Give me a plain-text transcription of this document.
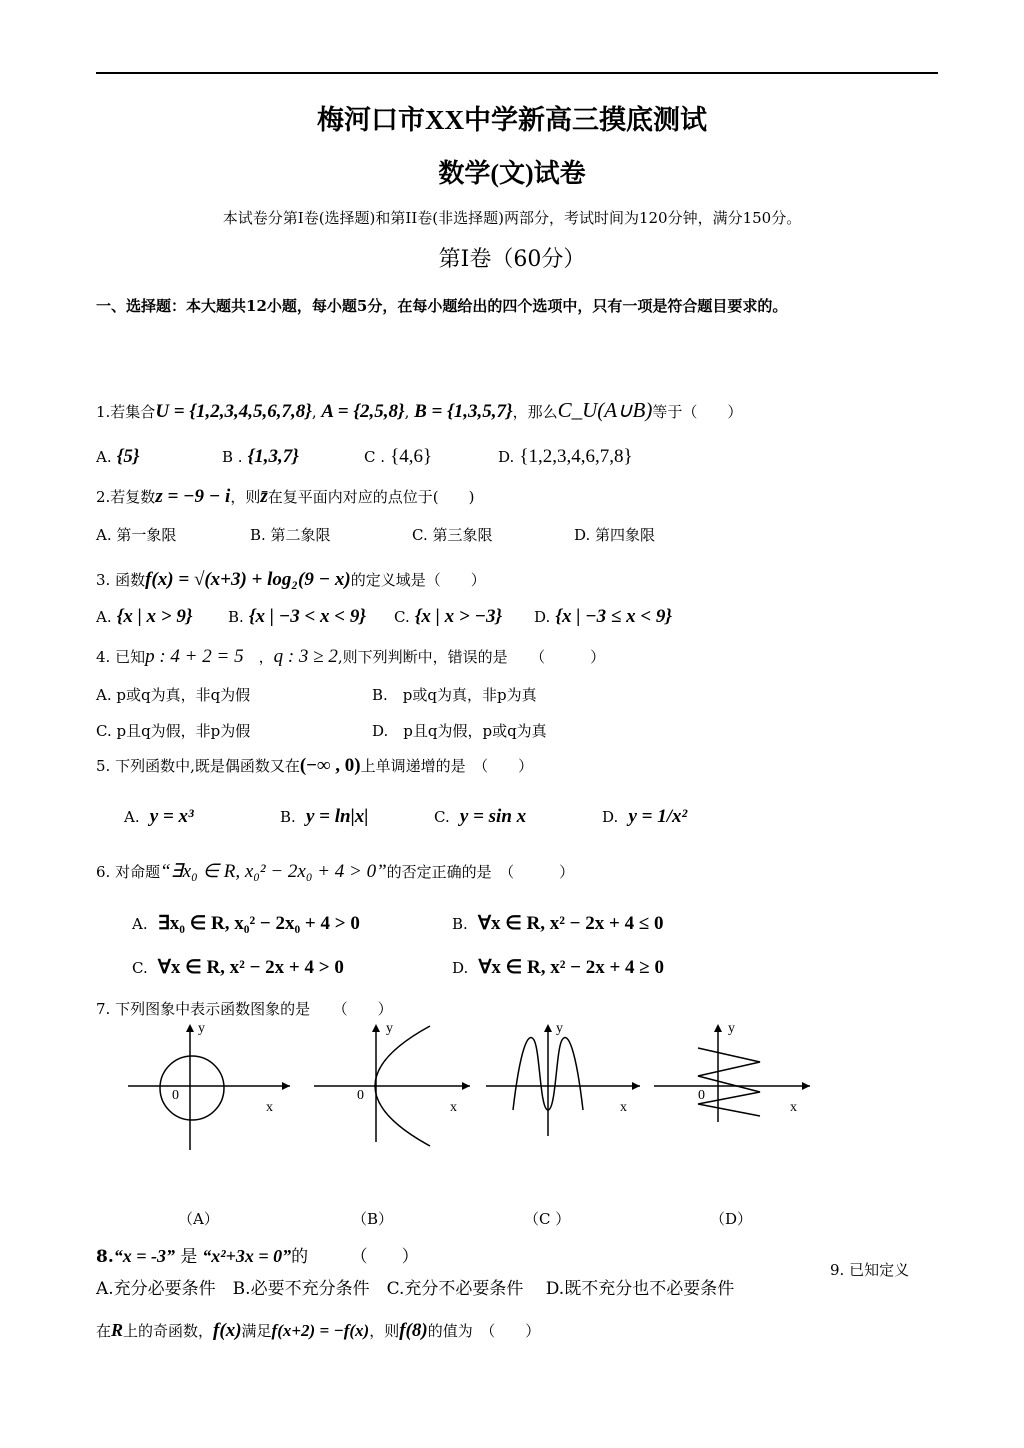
梅河口市XX中学新高三摸底测试
数学(文)试卷
本试卷分第Ⅰ卷(选择题)和第II卷(非选择题)两部分，考试时间为120分钟，满分150分。
第Ⅰ卷（60分）
一、选择题：本大题共12小题，每小题5分，在每小题给出的四个选项中，只有一项是符合题目要求的。
1.若集合U = {1,2,3,4,5,6,7,8}, A = {2,5,8}, B = {1,3,5,7}，那么C_U(A∪B)等于（　　）
A. {5}	B . {1,3,7}	C . {4,6}	D. {1,2,3,4,6,7,8}
2.若复数z = −9 − i，则z̄在复平面内对应的点位于(　　)
A. 第一象限	B. 第二象限	C. 第三象限	D. 第四象限
3. 函数f(x) = √(x+3) + log₂(9 − x)的定义域是（　　）
A. {x | x > 9} B. {x | −3 < x < 9} C. {x | x > −3} D. {x | −3 ≤ x < 9}
4. 已知p : 4 + 2 = 5　 ，q : 3 ≥ 2,则下列判断中，错误的是　　（　　　）
A. p或q为真，非q为假	B.　p或q为真，非p为真
C. p且q为假，非p为假	D.　p且q为假，p或q为真
5. 下列函数中,既是偶函数又在(−∞ , 0)上单调递增的是　（　　）
A. y = x³	B. y = ln|x|	C. y = sin x	D. y = 1/x²
6. 对命题“∃x₀ ∈ R, x₀² − 2x₀ + 4 > 0”的否定正确的是　（　　　）
A. ∃x₀ ∈ R, x₀² − 2x₀ + 4 > 0	B. ∀x ∈ R, x² − 2x + 4 ≤ 0
C. ∀x ∈ R, x² − 2x + 4 > 0	D. ∀x ∈ R, x² − 2x + 4 ≥ 0
7. 下列图象中表示函数图象的是　　（　　）
y
x
0
y
x
0
y
x
y
x
0
（A）	（B）	（C ）	（D）
8.“x = -3” 是 “x²+3x = 0”的　　　（　　）
A.充分必要条件　B.必要不充分条件　C.充分不必要条件　 D.既不充分也不必要条件
9. 已知定义
在R上的奇函数，f(x)满足f(x+2) = −f(x)，则f(8)的值为　（　　）
